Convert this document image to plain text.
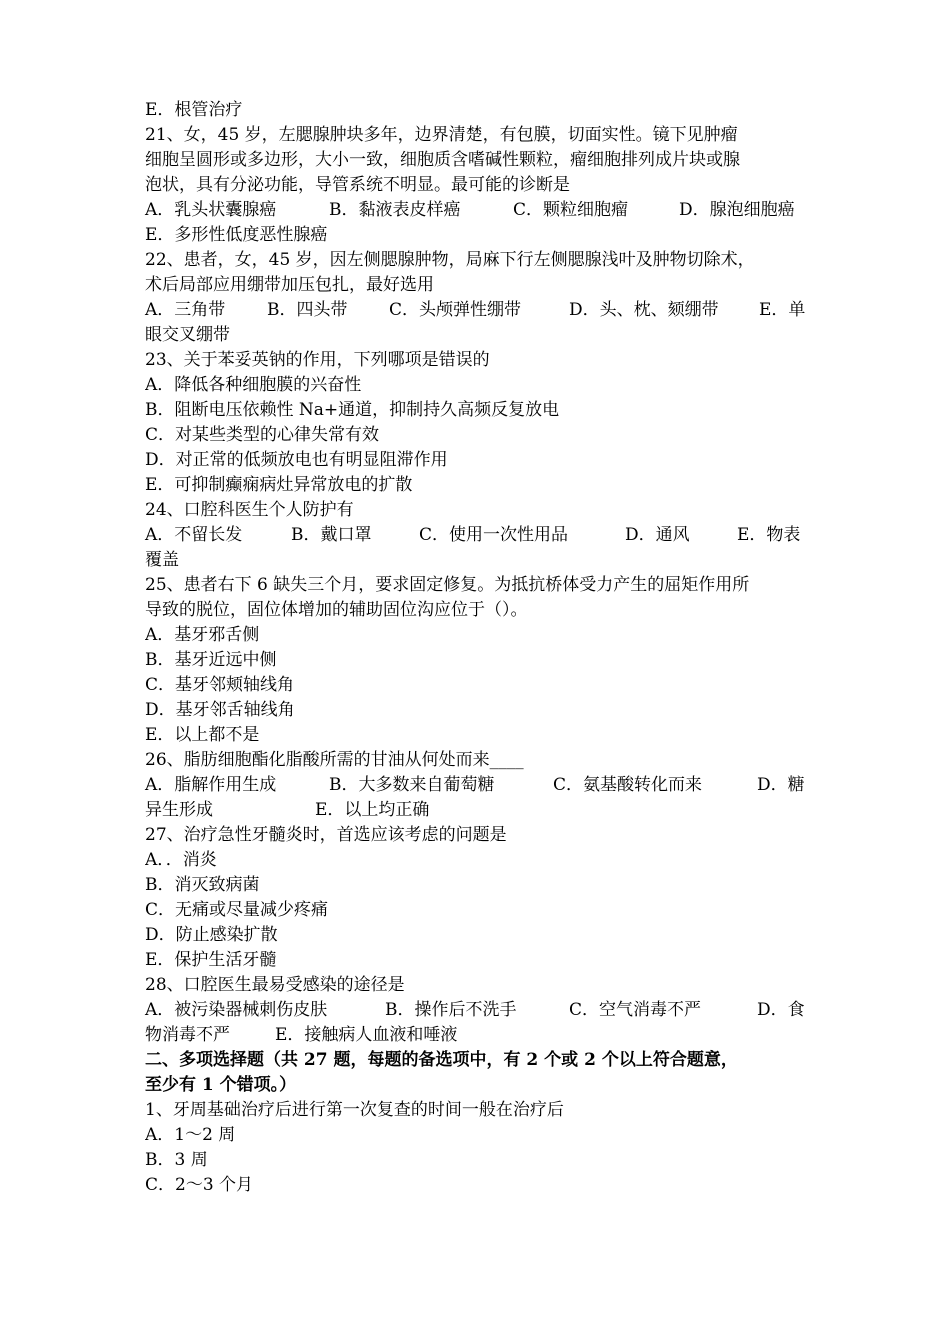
E．根管治疗
21、女，45 岁，左腮腺肿块多年，边界清楚，有包膜，切面实性。镜下见肿瘤
细胞呈圆形或多边形，大小一致，细胞质含嗜碱性颗粒，瘤细胞排列成片块或腺
泡状，具有分泌功能，导管系统不明显。最可能的诊断是
A．乳头状囊腺癌	B．黏液表皮样癌	C．颗粒细胞瘤	D．腺泡细胞癌
E．多形性低度恶性腺癌
22、患者，女，45 岁，因左侧腮腺肿物，局麻下行左侧腮腺浅叶及肿物切除术，
术后局部应用绷带加压包扎，最好选用
A．三角带 B．四头带 C．头颅弹性绷带	D．头、枕、颏绷带 E．单
眼交叉绷带
23、关于苯妥英钠的作用，下列哪项是错误的
A．降低各种细胞膜的兴奋性
B．阻断电压依赖性 Na+通道，抑制持久高频反复放电
C．对某些类型的心律失常有效
D．对正常的低频放电也有明显阻滞作用
E．可抑制癫痫病灶异常放电的扩散
24、口腔科医生个人防护有
A．不留长发	B．戴口罩	C．使用一次性用品	D．通风	E．物表
覆盖
25、患者右下 6 缺失三个月，要求固定修复。为抵抗桥体受力产生的屈矩作用所
导致的脱位，固位体增加的辅助固位沟应位于（）。
A．基牙邪舌侧
B．基牙近远中侧
C．基牙邻颊轴线角
D．基牙邻舌轴线角
E．以上都不是
26、脂肪细胞酯化脂酸所需的甘油从何处而来____
A．脂解作用生成	B．大多数来自葡萄糖	C．氨基酸转化而来	D．糖
异生形成	E．以上均正确
27、治疗急性牙髓炎时，首选应该考虑的问题是
A．．消炎
B．消灭致病菌
C．无痛或尽量减少疼痛
D．防止感染扩散
E．保护生活牙髓
28、口腔医生最易受感染的途径是
A．被污染器械刺伤皮肤	B．操作后不洗手	C．空气消毒不严	D．食
物消毒不严	E．接触病人血液和唾液
二、多项选择题（共 27 题，每题的备选项中，有 2 个或 2 个以上符合题意，
至少有 1 个错项。）
1、牙周基础治疗后进行第一次复查的时间一般在治疗后
A．1～2 周
B．3 周
C．2～3 个月
